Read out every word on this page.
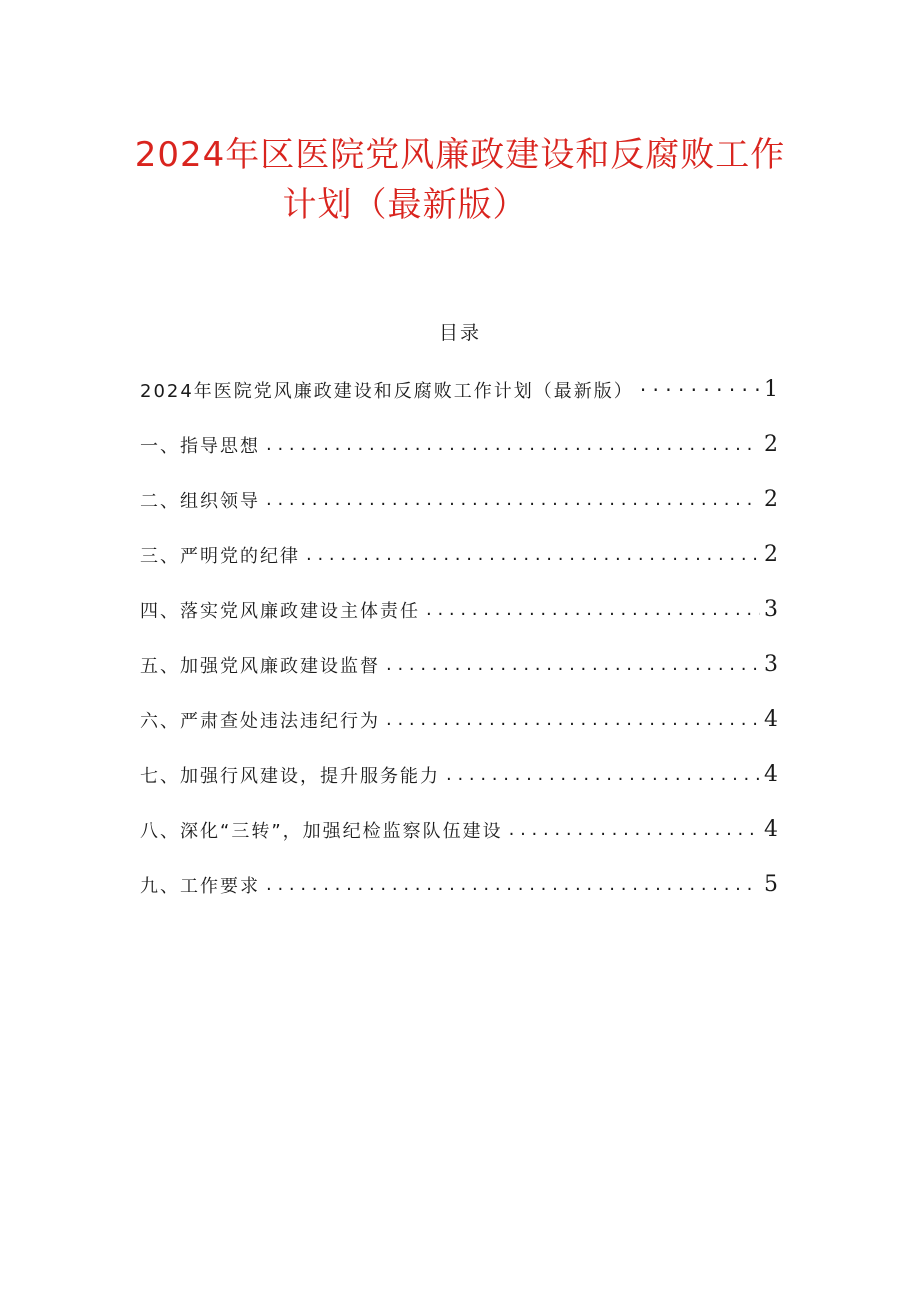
2024年区医院党风廉政建设和反腐败工作
计划（最新版）
目录
2024年医院党风廉政建设和反腐败工作计划（最新版） · · ·	1
一、指导思想 . . .	2
二、组织领导 . . .	2
三、严明党的纪律 . . .	2
四、落实党风廉政建设主体责任 . . .	3
五、加强党风廉政建设监督 . . .	3
六、严肃查处违法违纪行为 . . .	4
七、加强行风建设，提升服务能力 . . .	4
八、深化“三转”，加强纪检监察队伍建设 . . .	4
九、工作要求 . . .	5
